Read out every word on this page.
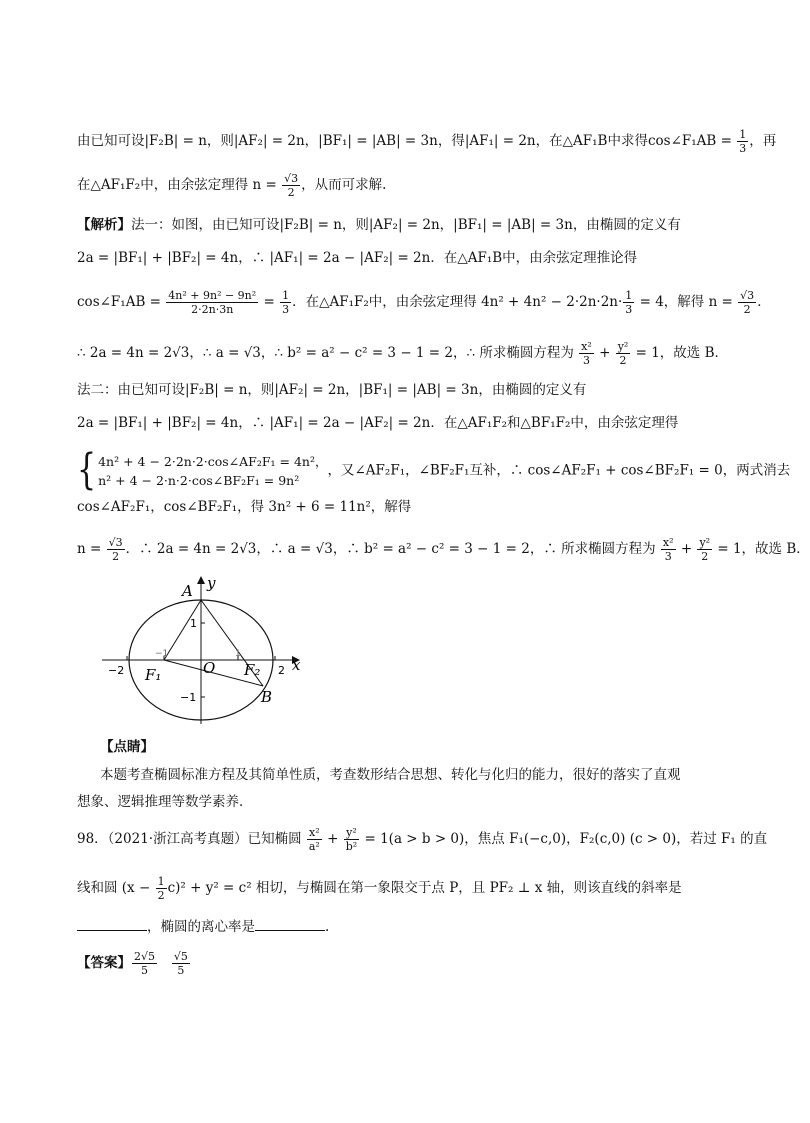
由已知可设|F₂B| = n，则|AF₂| = 2n，|BF₁| = |AB| = 3n，得|AF₁| = 2n，在△AF₁B中求得cos∠F₁AB = $\frac{1}{3}$ ，再
在△AF₁F₂中，由余弦定理得 $n = \frac{√3}{2}$ ，从而可求解.
【解析】法一：如图，由已知可设|F₂B| = n，则|AF₂| = 2n，|BF₁| = |AB| = 3n，由椭圆的定义有
2a = |BF₁| + |BF₂| = 4n，∴ |AF₁| = 2a − |AF₂| = 2n．在△AF₁B中，由余弦定理推论得
cos∠F₁AB = $\frac{\text{4n² + 9n² − 9n²}}{2\cdot 2n\cdot 3n} = \frac{1}{3}$ ．在△AF₁F₂中，由余弦定理得 $4n^2 + 4n^2 - 2\cdot 2n\cdot 2n\cdot \frac{1}{3} = 4$，解得 $n = \frac{√3}{2}$ ．
∴ 2a = 4n = 2√3，∴ a = √3，∴ b² = a² − c² = 3 − 1 = 2，∴ 所求椭圆方程为 $\frac{\text{x²}}{3} + \frac{\text{y²}}{2} = 1$，故选 B．
法二：由已知可设|F₂B| = n，则|AF₂| = 2n，|BF₁| = |AB| = 3n，由椭圆的定义有
2a = |BF₁| + |BF₂| = 4n，∴ |AF₁| = 2a − |AF₂| = 2n．在△AF₁F₂和△BF₁F₂中，由余弦定理得
{ 4n² + 4 − 2·2n·2·cos∠AF₂F₁ = 4n²，
n² + 4 − 2·n·2·cos∠BF₂F₁ = 9n²
，又∠AF₂F₁，∠BF₂F₁互补，∴ cos∠AF₂F₁ + cos∠BF₂F₁ = 0，两式消去
cos∠AF₂F₁，cos∠BF₂F₁，得 3n² + 6 = 11n²，解得
$n = \frac{√3}{2}$ ．∴ 2a = 4n = 2√3，∴ a = √3，∴ b² = a² − c² = 3 − 1 = 2，∴ 所求椭圆方程为 $\frac{\text{x²}}{3} + \frac{\text{y²}}{2} = 1$，故选 B．
A y
x
O
F₁	F₂
B
−2	2
1
−1
−1	1
【点睛】
本题考查椭圆标准方程及其简单性质，考查数形结合思想、转化与化归的能力，很好的落实了直观
想象、逻辑推理等数学素养．
98．（2021·浙江高考真题）已知椭圆 $\frac{\text{x²}}{\text{a²}} + \frac{\text{y²}}{\text{b²}} = 1(a > b > 0)$，焦点 F₁(−c,0)，F₂(c,0) (c > 0)，若过 F₁ 的直
线和圆 $(x - \frac{1}{2} c)^2 + y^2 = c^2$ 相切，与椭圆在第一象限交于点 P，且 PF₂ ⊥ x 轴，则该直线的斜率是
，椭圆的离心率是	.
【答案】 $\frac{2√5}{5}$
$\frac{√5}{5}$
